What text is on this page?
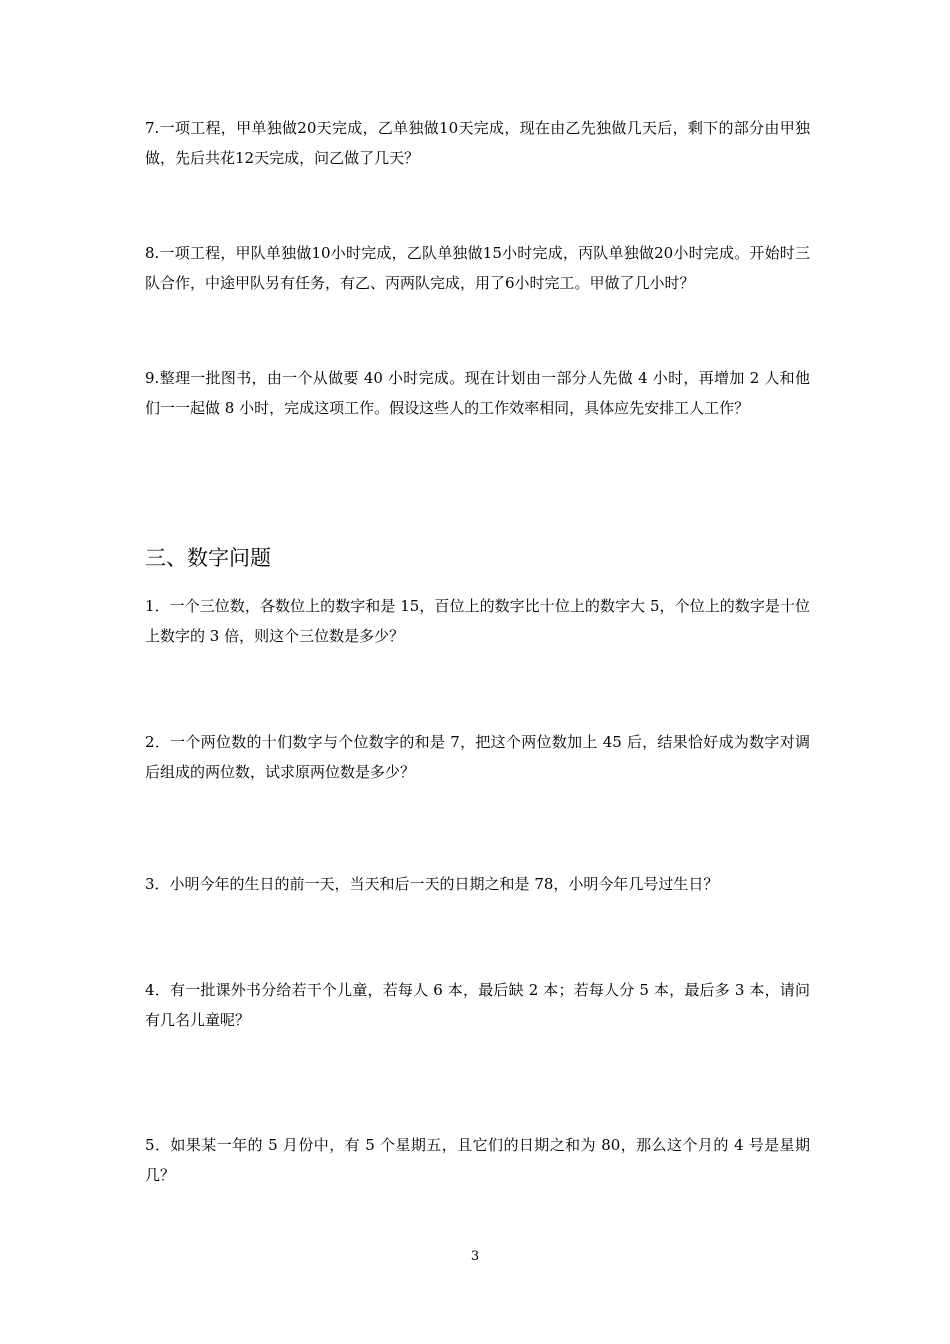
7.一项工程，甲单独做20天完成，乙单独做10天完成，现在由乙先独做几天后，剩下的部分由甲独做，先后共花12天完成，问乙做了几天？

8.一项工程，甲队单独做10小时完成，乙队单独做15小时完成，丙队单独做20小时完成。开始时三队合作，中途甲队另有任务，有乙、丙两队完成，用了6小时完工。甲做了几小时？

9.整理一批图书，由一个从做要 40 小时完成。现在计划由一部分人先做 4 小时，再增加 2 人和他们一一起做 8 小时，完成这项工作。假设这些人的工作效率相同，具体应先安排工人工作？

三、数字问题

1．一个三位数，各数位上的数字和是 15，百位上的数字比十位上的数字大 5，个位上的数字是十位上数字的 3 倍，则这个三位数是多少？

2．一个两位数的十们数字与个位数字的和是 7，把这个两位数加上 45 后，结果恰好成为数字对调后组成的两位数，试求原两位数是多少？

3．小明今年的生日的前一天，当天和后一天的日期之和是 78，小明今年几号过生日？

4．有一批课外书分给若干个儿童，若每人 6 本，最后缺 2 本；若每人分 5 本，最后多 3 本，请问有几名儿童呢？

5．如果某一年的 5 月份中，有 5 个星期五，且它们的日期之和为 80，那么这个月的 4 号是星期几？

3
